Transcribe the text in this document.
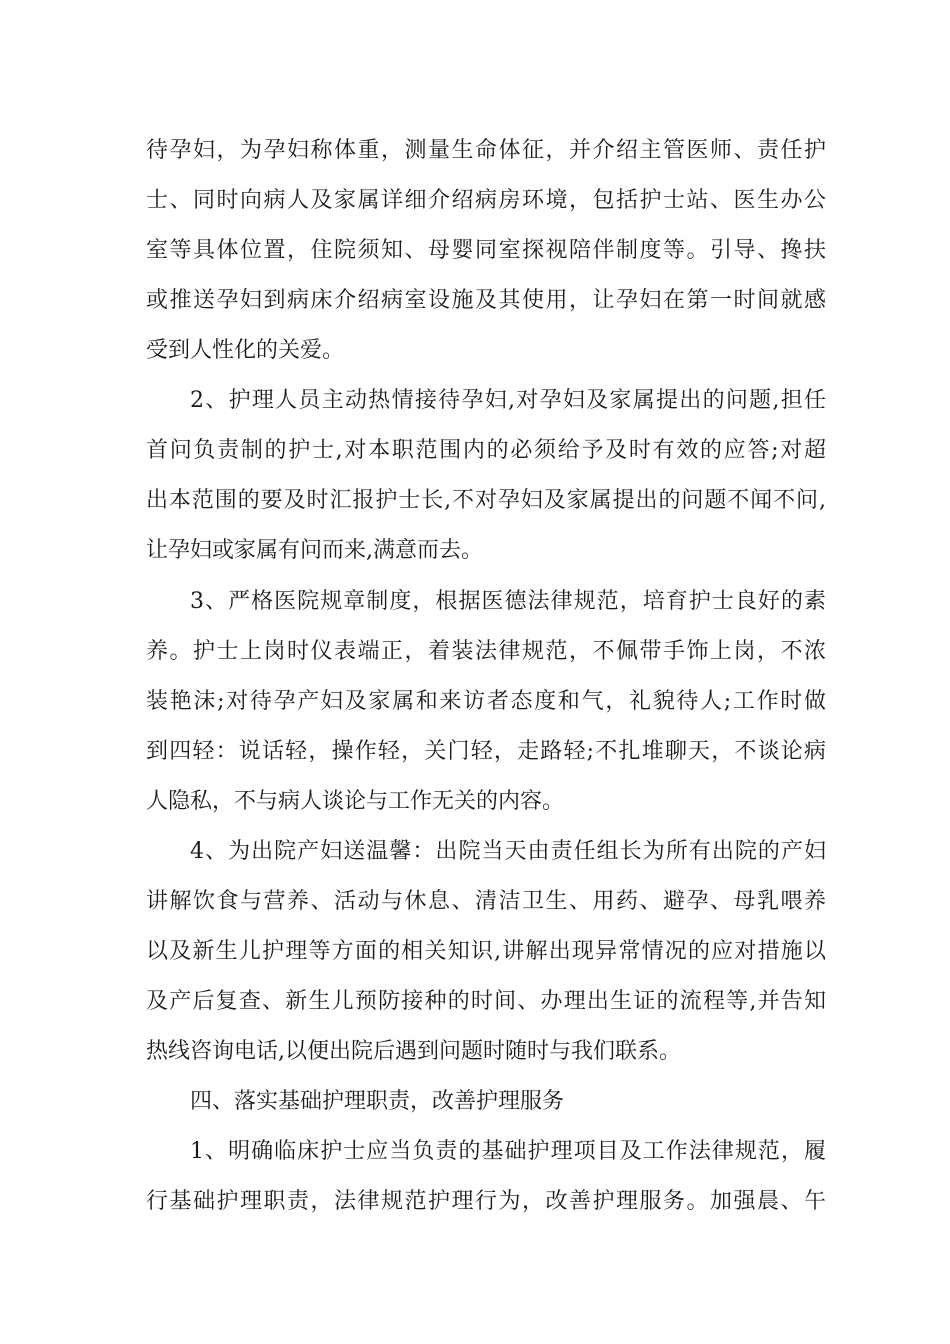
待孕妇，为孕妇称体重，测量生命体征，并介绍主管医师、责任护
士、同时向病人及家属详细介绍病房环境，包括护士站、医生办公
室等具体位置，住院须知、母婴同室探视陪伴制度等。引导、搀扶
或推送孕妇到病床介绍病室设施及其使用，让孕妇在第一时间就感
受到人性化的关爱。
2、护理人员主动热情接待孕妇,对孕妇及家属提出的问题,担任
首问负责制的护士,对本职范围内的必须给予及时有效的应答;对超
出本范围的要及时汇报护士长,不对孕妇及家属提出的问题不闻不问,
让孕妇或家属有问而来,满意而去。
3、严格医院规章制度，根据医德法律规范，培育护士良好的素
养。护士上岗时仪表端正，着装法律规范，不佩带手饰上岗，不浓
装艳沫;对待孕产妇及家属和来访者态度和气，礼貌待人;工作时做
到四轻：说话轻，操作轻，关门轻，走路轻;不扎堆聊天，不谈论病
人隐私，不与病人谈论与工作无关的内容。
4、为出院产妇送温馨：出院当天由责任组长为所有出院的产妇
讲解饮食与营养、活动与休息、清洁卫生、用药、避孕、母乳喂养
以及新生儿护理等方面的相关知识,讲解出现异常情况的应对措施以
及产后复查、新生儿预防接种的时间、办理出生证的流程等,并告知
热线咨询电话,以便出院后遇到问题时随时与我们联系。
四、落实基础护理职责，改善护理服务
1、明确临床护士应当负责的基础护理项目及工作法律规范，履
行基础护理职责，法律规范护理行为，改善护理服务。加强晨、午
